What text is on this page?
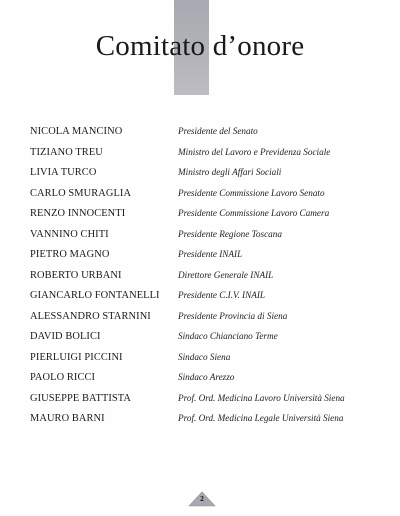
Comitato d’onore
NICOLA MANCINO	Presidente del Senato
TIZIANO TREU	Ministro del Lavoro e Previdenza Sociale
LIVIA TURCO	Ministro degli Affari Sociali
CARLO SMURAGLIA	Presidente Commissione Lavoro Senato
RENZO INNOCENTI	Presidente Commissione Lavoro Camera
VANNINO CHITI	Presidente Regione Toscana
PIETRO MAGNO	Presidente INAIL
ROBERTO URBANI	Direttore Generale INAIL
GIANCARLO FONTANELLI	Presidente C.I.V. INAIL
ALESSANDRO STARNINI	Presidente Provincia di Siena
DAVID BOLICI	Sindaco Chianciano Terme
PIERLUIGI PICCINI	Sindaco Siena
PAOLO RICCI	Sindaco Arezzo
GIUSEPPE BATTISTA	Prof. Ord. Medicina Lavoro Università Siena
MAURO BARNI	Prof. Ord. Medicina Legale Università Siena
2
